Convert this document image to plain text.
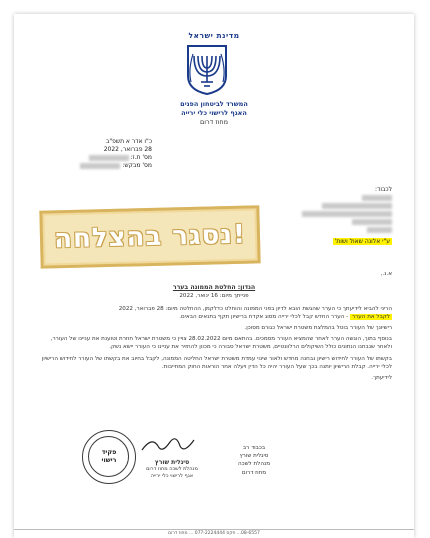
מדינת ישראל
המשרד לביטחון הפנים
האגף לרישוי כלי ירייה
מחוז דרום
כ"ו אדר א תשפ"ב
28 פברואר, 2022
מס' ת.ז:
מס' מבקש:
לכבוד:
ע"י אלונה שאול ושות'
נסגר בהצלחה!
א.נ.,
הנדון: החלטת הממונה בערר
פנייתך מיום: 16 ינואר, 2022
הריני להביא לידיעתך כי הערר שהגשת הובא לדיון בפני הממונה והוחלט כדלקמן, ההחלטה מיום: 28 פברואר, 2022
לקבל את הערר - הערר החדש קבל לכלי ירייה מסוג אקדח ברישיון תקף בתנאים הבאים.
רישיונך של העורר בוטל בהמלצת משטרת ישראל כגורם מסוכן.
בנוסף בתוך, הוגשה הערר לאחר שהמציא העורר מסמכים. בהתאם מיום 28.02.2022 צויין כי משטרת ישראל חוזרת וטוענת את עניינו של העורר, ולאחר שנבחנו הנתונים כולל השיקולים הרלוונטיים, משטרת ישראל סבורה כי מכוון להחזיר את עניינו כי העורר יישא נשק.
בקשתו של העורר לחידוש רישיון נבחנה מחדש ולאור שינוי עמדת משטרת ישראל החליטה הממונה, לקבל בחיוב את בקשתו של העורר לחידוש הרישיון לכלי ירייה. קבלת הרישיון יותנה בכך שעל העורר יהיה כל הדין ויעלה אחר הוראות החוק המחייבות.
לידיעתך.
בכבוד רב
סיגלית שורץ
מנהלת לשכה
מחוז דרום
סיגלית שורץ
מנהלת לשכה מחוז דרום
אגף לרישוי כלי ירייה
פקיד
רישוי
08-6557... פקס 077-2224444 ... מחוז דרום
